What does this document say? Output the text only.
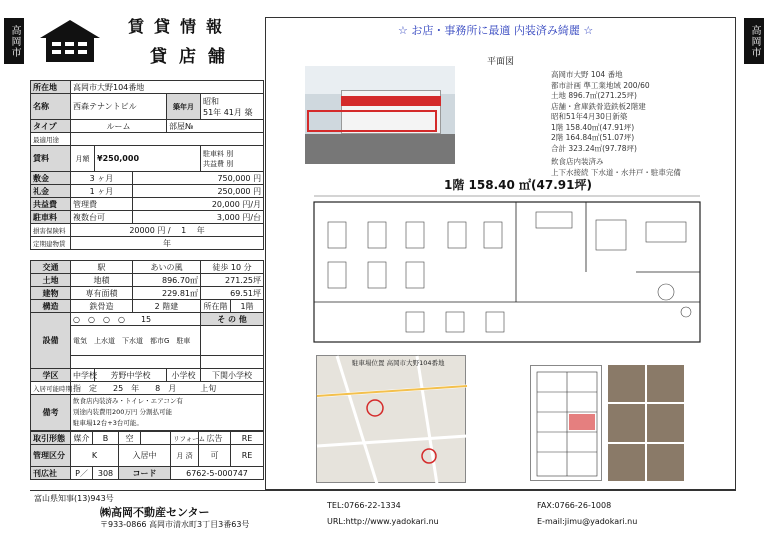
高岡市	高岡市
賃貸情報
貸店舗
☆ お店・事務所に最適 内装済み綺麗 ☆
所在地	高岡市大野104番地				
名称	西森テナントビル			築年月	昭和
51年 41月 築
タイプ	ルーム			部屋№	
最適用途					
賃料	月額	¥250,000			駐車料 別
共益費 別
敷金	3 ヶ月		750,000 円		
礼金	1 ヶ月		250,000 円		
共益費	管理費		20,000 円/月		
駐車料	複数台可		3,000 円/台		
損害保険料	20000 円 /　 1　 年				
定期建物賃	年				
交通	駅		あいの風		徒歩 10 分	
土地	地積		896.70㎡		271.25坪	
建物	専有面積		229.81㎡		69.51坪	
構造	鉄骨造		2 階建		所在階	1階
設備	○　 ○　 ○　 ○　　 15				そ の 他	
	電気　 上水道　 下水道　 都市G　 駐車					

学区	中学校	芳野中学校		小学校	下関小学校	
入居可能時期	指　定　　25　年　　8　月　　　上旬					
備考	飲食店内装済み・トイレ・エアコン有
別途内装費用200万円 分割払可能
駐車場12台+3台可能。					
取引形態	媒介	B	空		リフォーム	広告	RE
管理区分	K		入居中		月 済	可	RE
刊広社	P／	308	コード		6762-5-000747		
平面図
高岡市大野 104 番地
都市計画 準工業地域 200/60
土地 896.7㎡(271.25坪)
店舗・倉庫鉄骨造鉄板2階建
昭和51年4月30日新築
1階 158.40㎡(47.91坪)
2階 164.84㎡(51.07坪)
合計 323.24㎡(97.78坪)
飲食店内装済み
上下水接続 下水道・水井戸・駐車完備
1階 158.40 ㎡(47.91坪)
駐車場位置 高岡市大野104番地
富山県知事(13)943号
㈱高岡不動産センター
〒933-0866 高岡市清水町3丁目3番63号
TEL:0766-22-1334
URL:http://www.yadokari.nu
FAX:0766-26-1008
E-mail:jimu@yadokari.nu
